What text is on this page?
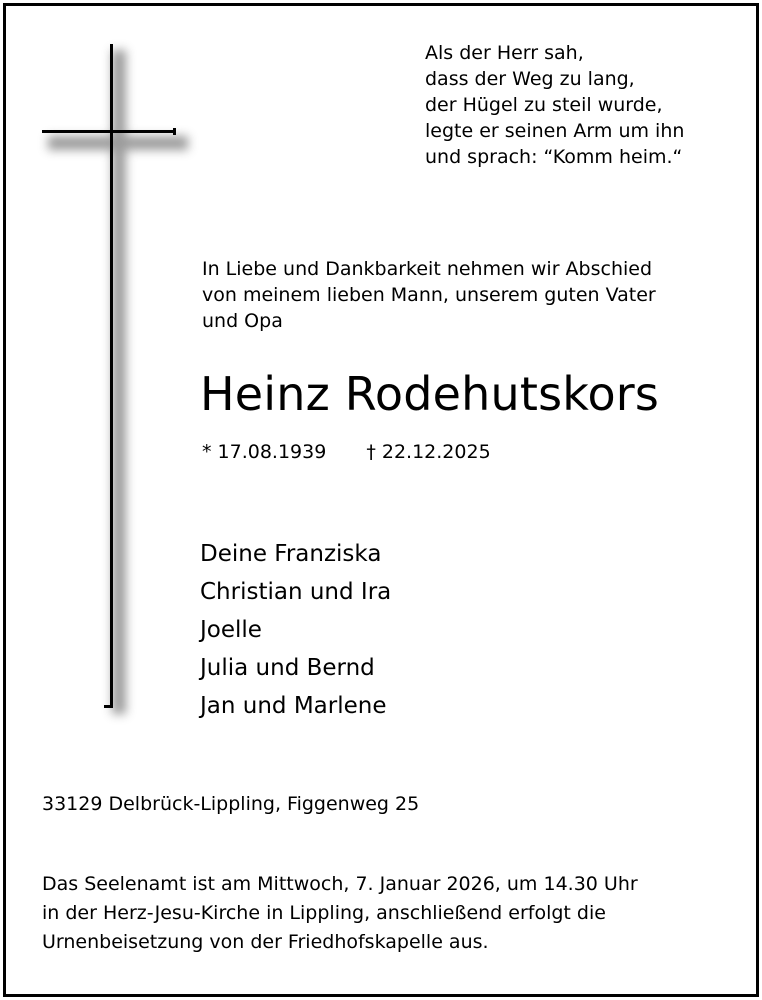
Als der Herr sah,
dass der Weg zu lang,
der Hügel zu steil wurde,
legte er seinen Arm um ihn
und sprach: “Komm heim.“
In Liebe und Dankbarkeit nehmen wir Abschied
von meinem lieben Mann, unserem guten Vater
und Opa
Heinz Rodehutskors
* 17.08.1939 † 22.12.2025
Deine Franziska
Christian und Ira
Joelle
Julia und Bernd
Jan und Marlene
33129 Delbrück-Lippling, Figgenweg 25
Das Seelenamt ist am Mittwoch, 7. Januar 2026, um 14.30 Uhr
in der Herz-Jesu-Kirche in Lippling, anschließend erfolgt die
Urnenbeisetzung von der Friedhofskapelle aus.
